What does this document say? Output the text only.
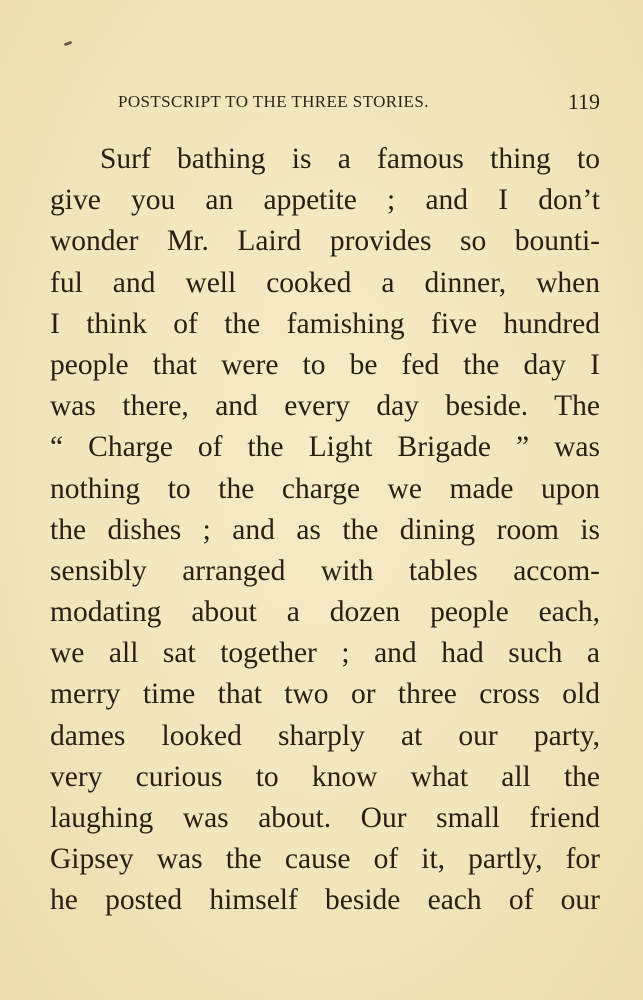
POSTSCRIPT TO THE THREE STORIES.	119
Surf bathing is a famous thing to
give you an appetite ; and I don’t
wonder Mr. Laird provides so bounti-
ful and well cooked a dinner, when
I think of the famishing five hundred
people that were to be fed the day I
was there, and every day beside. The
“ Charge of the Light Brigade ” was
nothing to the charge we made upon
the dishes ; and as the dining room is
sensibly arranged with tables accom-
modating about a dozen people each,
we all sat together ; and had such a
merry time that two or three cross old
dames looked sharply at our party,
very curious to know what all the
laughing was about. Our small friend
Gipsey was the cause of it, partly, for
he posted himself beside each of our
